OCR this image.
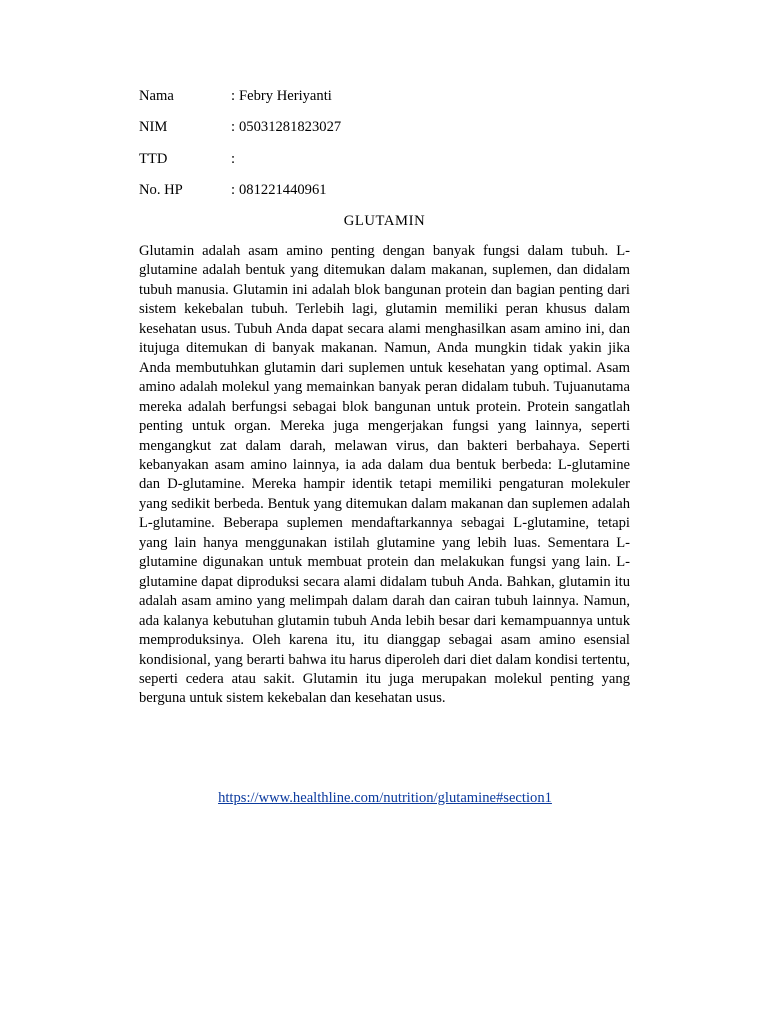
Nama	: Febry Heriyanti
NIM	: 05031281823027
TTD	:
No. HP	: 081221440961
GLUTAMIN

Glutamin adalah asam amino penting dengan banyak fungsi dalam tubuh. L-glutamine adalah bentuk yang ditemukan dalam makanan, suplemen, dan didalam tubuh manusia. Glutamin ini adalah blok bangunan protein dan bagian penting dari sistem kekebalan tubuh. Terlebih lagi, glutamin memiliki peran khusus dalam kesehatan usus. Tubuh Anda dapat secara alami menghasilkan asam amino ini, dan itujuga ditemukan di banyak makanan. Namun, Anda mungkin tidak yakin jika Anda membutuhkan glutamin dari suplemen untuk kesehatan yang optimal. Asam amino adalah molekul yang memainkan banyak peran didalam tubuh. Tujuanutama mereka adalah berfungsi sebagai blok bangunan untuk protein. Protein sangatlah penting untuk organ. Mereka juga mengerjakan fungsi yang lainnya, seperti mengangkut zat dalam darah, melawan virus, dan bakteri berbahaya. Seperti kebanyakan asam amino lainnya, ia ada dalam dua bentuk berbeda: L-glutamine dan D-glutamine. Mereka hampir identik tetapi memiliki pengaturan molekuler yang sedikit berbeda. Bentuk yang ditemukan dalam makanan dan suplemen adalah L-glutamine. Beberapa suplemen mendaftarkannya sebagai L-glutamine, tetapi yang lain hanya menggunakan istilah glutamine yang lebih luas. Sementara L-glutamine digunakan untuk membuat protein dan melakukan fungsi yang lain. L-glutamine dapat diproduksi secara alami didalam tubuh Anda. Bahkan, glutamin itu adalah asam amino yang melimpah dalam darah dan cairan tubuh lainnya. Namun, ada kalanya kebutuhan glutamin tubuh Anda lebih besar dari kemampuannya untuk memproduksinya. Oleh karena itu, itu dianggap sebagai asam amino esensial kondisional, yang berarti bahwa itu harus diperoleh dari diet dalam kondisi tertentu, seperti cedera atau sakit. Glutamin itu juga merupakan molekul penting yang berguna untuk sistem kekebalan dan kesehatan usus.

https://www.healthline.com/nutrition/glutamine#section1
